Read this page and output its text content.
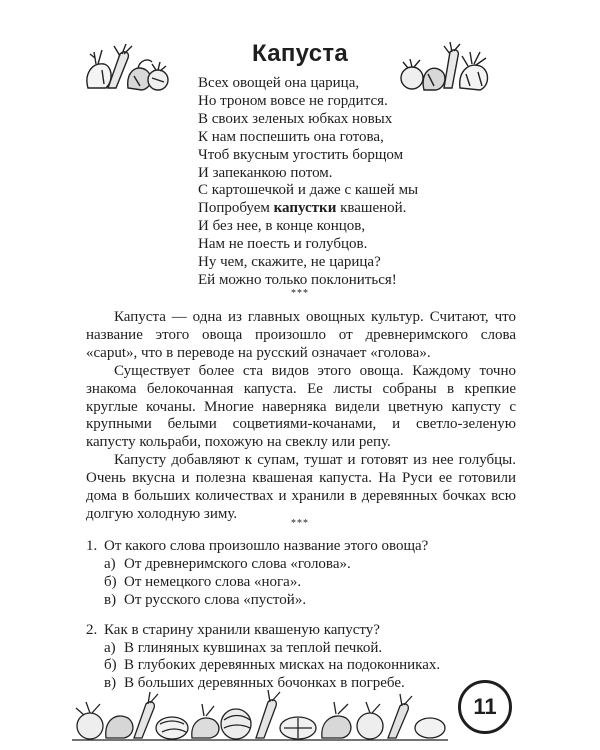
Капуста
Всех овощей она царица,
Но троном вовсе не гордится.
В своих зеленых юбках новых
К нам поспешить она готова,
Чтоб вкусным угостить борщом
И запеканкою потом.
С картошечкой и даже с кашей мы
Попробуем капустки квашеной.
И без нее, в конце концов,
Нам не поесть и голубцов.
Ну чем, скажите, не царица?
Ей можно только поклониться!
***

Капуста — одна из главных овощных культур. Считают, что название этого овоща произошло от древнеримского слова «caput», что в переводе на русский означает «голова».

Существует более ста видов этого овоща. Каждому точно знакома белокочанная капуста. Ее листы собраны в крепкие круглые кочаны. Многие наверняка видели цветную капусту с крупными белыми соцветиями-кочанами, и светло-зеленую капусту кольраби, похожую на свеклу или репу.

Капусту добавляют к супам, тушат и готовят из нее голубцы. Очень вкусна и полезна квашеная капуста. На Руси ее готовили дома в больших количествах и хранили в деревянных бочках всю долгую холодную зиму.

***
1. От какого слова произошло название этого овоща?
а) От древнеримского слова «голова».
б) От немецкого слова «нога».
в) От русского слова «пустой».
2. Как в старину хранили квашеную капусту?
а) В глиняных кувшинах за теплой печкой.
б) В глубоких деревянных мисках на подоконниках.
в) В больших деревянных бочонках в погребе.
11
